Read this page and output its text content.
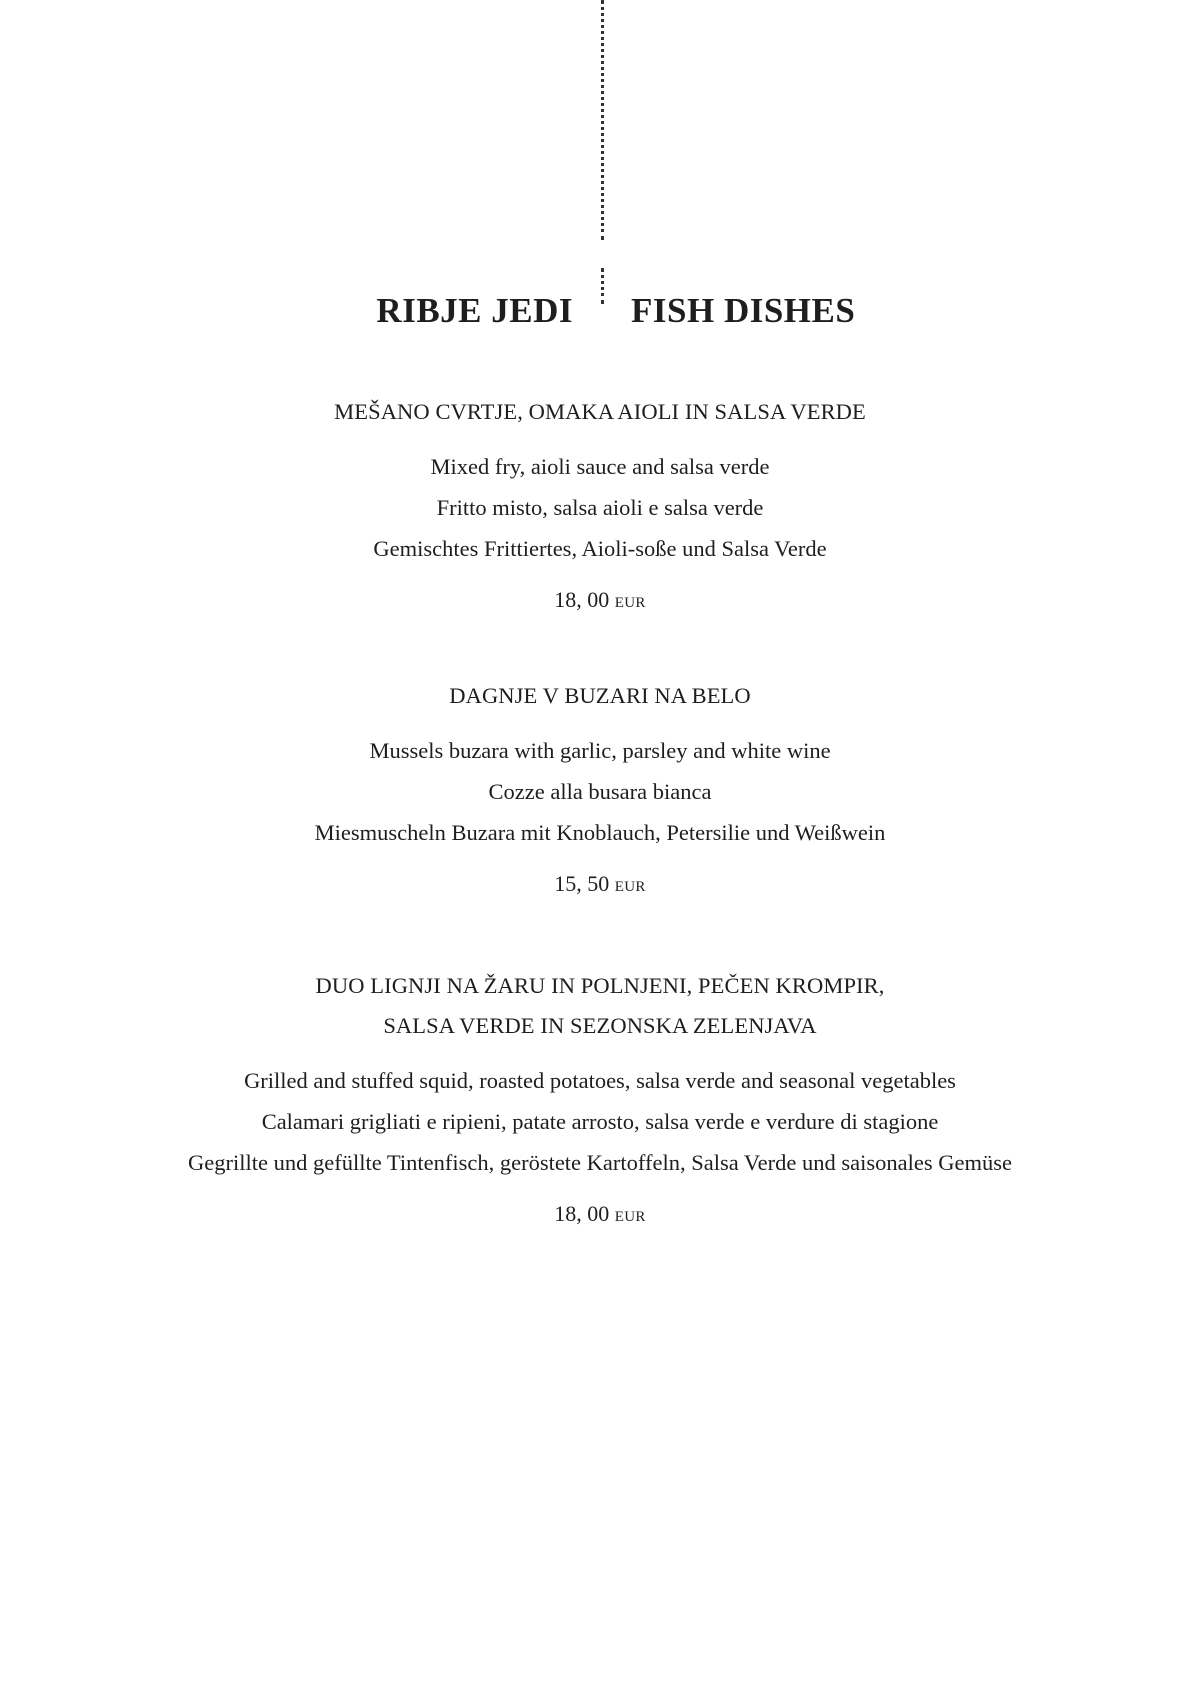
RIBJE JEDI FISH DISHES

MEŠANO CVRTJE, OMAKA AIOLI IN SALSA VERDE

Mixed fry, aioli sauce and salsa verde

Fritto misto, salsa aioli e salsa verde

Gemischtes Frittiertes, Aioli-soße und Salsa Verde

18, 00 EUR

DAGNJE V BUZARI NA BELO

Mussels buzara with garlic, parsley and white wine

Cozze alla busara bianca

Miesmuscheln Buzara mit Knoblauch, Petersilie und Weißwein

15, 50 EUR

DUO LIGNJI NA ŽARU IN POLNJENI, PEČEN KROMPIR,

SALSA VERDE IN SEZONSKA ZELENJAVA

Grilled and stuffed squid, roasted potatoes, salsa verde and seasonal vegetables

Calamari grigliati e ripieni, patate arrosto, salsa verde e verdure di stagione

Gegrillte und gefüllte Tintenfisch, geröstete Kartoffeln, Salsa Verde und saisonales Gemüse

18, 00 EUR
